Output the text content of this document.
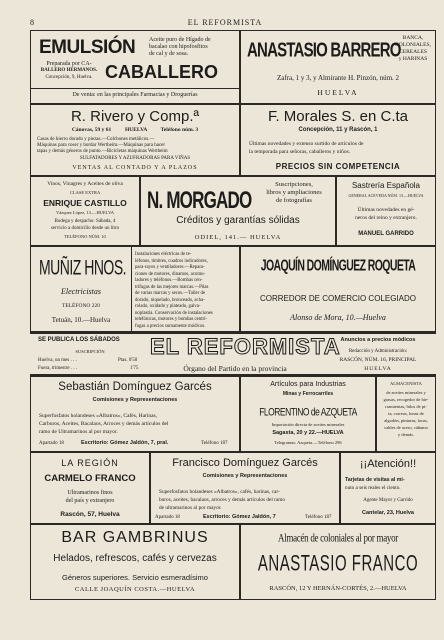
8	EL REFORMISTA
EMULSIÓN Aceite puro de Hígado de
bacalao con hipofosfitos
de cal y de sosa.
Preparada por CA-
BALLERO HERMANOS.
Concepción, 9, Huelva. CABALLERO
De venta: en las principales Farmacias y Droguerías
ANASTASIO BARRERO
BANCA,
COLONIALES,
CEREALES
y HARINAS
Zafra, 1 y 3, y Almirante H. Pinzón, núm. 2
HUELVA
R. Rivero y Comp.ª
Cánovas, 59 y 61          HUELVA          Teléfono núm. 3
Casas de hierro dorado y piezas.—Colchones metálicos.—
Máquinas para coser y bordar Wertheim.—Máquinas para hacer
tapas y demás géneros de punto.—Bicicletas máquinas Wertheim
SULFATADORES Y AZUFRADORAS PARA VIÑAS
VENTAS AL CONTADO Y A PLAZOS
F. Morales S. en C.ta
Concepción, 11 y Rascón, 1
Últimas novedades y extenso surtido de artículos de
la temporada para señoras, caballeros y niños.
PRECIOS SIN COMPETENCIA
Vinos, Vinagres y Aceites de oliva
CLASE EXTRA
ENRIQUE CASTILLO
Vázquez López, 13.—HUELVA
Bodega y despacho: Sábada, 4
servicio a domicilio desde un litro
TELÉFONO NÚM. 10
N. MORGADO
Suscripciones,
libros y ampliaciones
de fotografías
Créditos y garantías sólidas
ODIEL, 141.— HUELVA
Sastrería Española
GENERAL ACEVEDA NÚM. 13.—HUELVA
Últimas novedades en gé-
neros del reino y extranjero.
MANUEL GARRIDO
MUÑIZ HNOS.
Electricistas
TELÉFONO 220
Tetuán, 10.—Huelva
Instalaciones eléctricas de te-
léfonos, timbres, cuadros indicadores,
para-rayos y ventiladores.—Repara-
ciones de motores, dinamos, acumu-
ladores y teléfonos.—Bombas cen-
trífugas de las mejores marcas.—Pilas
de varias marcas y secos.—Taller de
dorado, niquelado, bronceado, acha-
rolado, oxidado y plateado, galva-
noplastía. Conservación de instalaciones
telefónicas, motores y bombas centrí-
fugas a precios sumamente módicos.
JOAQUÍN DOMÍNGUEZ ROQUETA
CORREDOR DE COMERCIO COLEGIADO
Alonso de Mora, 10.—Huelva
SE PUBLICA LOS SÁBADOS
SUSCRIPCIÓN
Huelva, un mes . . .	Ptas. 0'50
Fuera, trimestre . . .	1'75
EL REFORMISTA
Órgano del Partido en la provincia
Anuncios a precios módicos
Redacción y Administración:
RASCÓN, NÚM. 16, PRINCIPAL
HUELVA
Sebastián Domínguez Garcés
Comisiones y Representaciones
Superfosfatos holandeses «Albatros», Cafés, Harinas,
Carburos, Aceites, Bacalaos, Arroces y demás artículos del
ramo de Ultramarinos al por mayor.
Apartado 18	Escritorio: Gómez Jaldón, 7, pral.	Teléfono 187
Artículos para Industrias
Minas y Ferrocarriles
FLORENTINO de AZQUETA
Importación directa de aceites minerales
Sagasta, 20 y 22.—HUELVA
Telegramas: Azqueta.—Teléfono 296
ALMACENISTA
de aceites minerales y
grasas, recogedor de hie-
rramientas, hilos de pi-
ta, correas, lonas de
algodón, pinturas, lacas,
cables de acero, cáñamo
y demás.
LA REGIÓN
CARMELO FRANCO
Ultramarinos finos
del país y extranjero
Rascón, 57, Huelva
Francisco Domínguez Garcés
Comisiones y Representaciones
Superfosfatos holandeses «Albatros», cafés, harinas, car-
buros, aceites, bacalaos, arroces y demás artículos del ramo
de ultramarinos al por mayor.
Apartado 18	Escritorio: Gómez Jaldón, 7	Teléfono 187
¡¡Atención!!
Tarjetas de visitas al mi-
nuto a seis reales el ciento.
Agente Mayor y Garrido
Cantelar, 23, Huelva
BAR GAMBRINUS
Helados, refrescos, cafés y cervezas
Géneros superiores. Servicio esmeradísimo
CALLE JOAQUÍN COSTA.—HUELVA
Almacén de coloniales al por mayor
ANASTASIO FRANCO
RASCÓN, 12 Y HERNÁN-CORTÉS, 2.—HUELVA
